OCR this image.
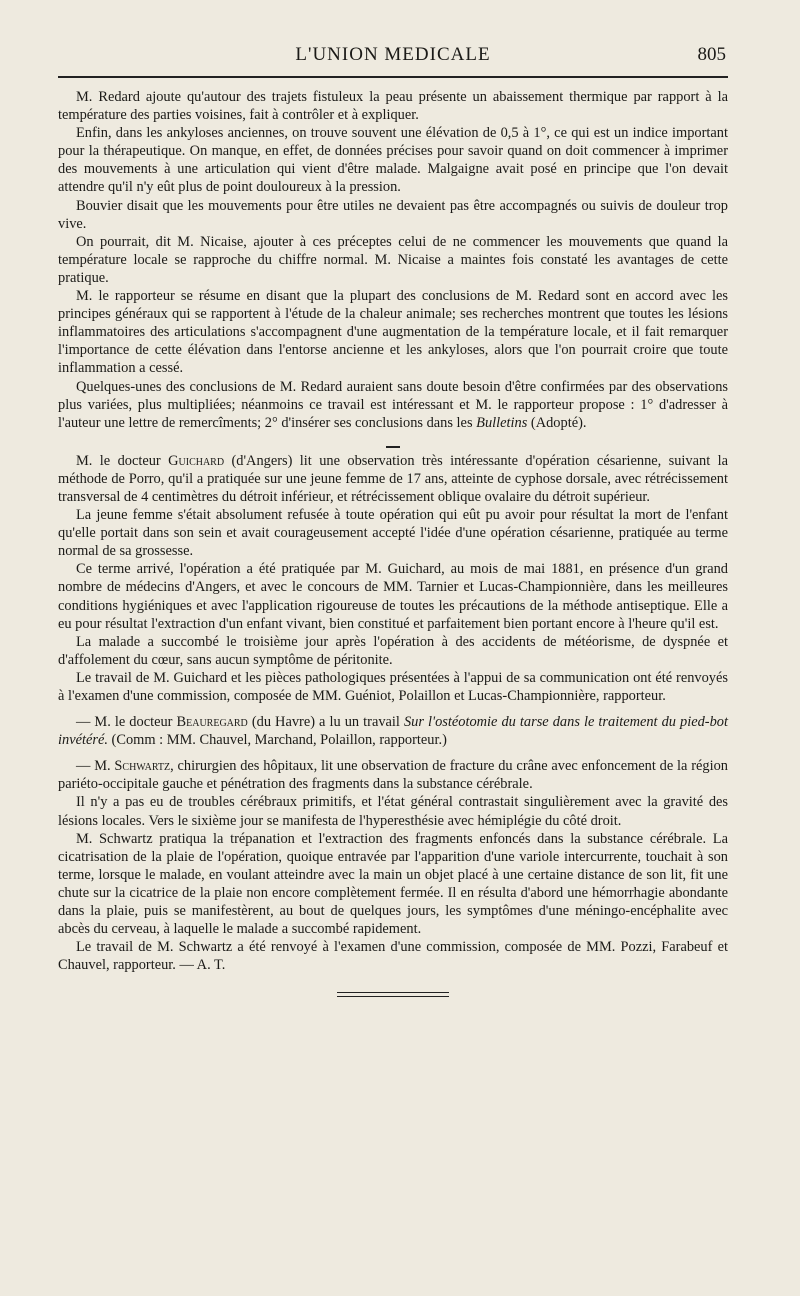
L'UNION MEDICALE	805

M. Redard ajoute qu'autour des trajets fistuleux la peau présente un abaissement thermique par rapport à la température des parties voisines, fait à contrôler et à expliquer.

Enfin, dans les ankyloses anciennes, on trouve souvent une élévation de 0,5 à 1°, ce qui est un indice important pour la thérapeutique. On manque, en effet, de données précises pour savoir quand on doit commencer à imprimer des mouvements à une articulation qui vient d'être malade. Malgaigne avait posé en principe que l'on devait attendre qu'il n'y eût plus de point douloureux à la pression.

Bouvier disait que les mouvements pour être utiles ne devaient pas être accompagnés ou suivis de douleur trop vive.

On pourrait, dit M. Nicaise, ajouter à ces préceptes celui de ne commencer les mouvements que quand la température locale se rapproche du chiffre normal. M. Nicaise a maintes fois constaté les avantages de cette pratique.

M. le rapporteur se résume en disant que la plupart des conclusions de M. Redard sont en accord avec les principes généraux qui se rapportent à l'étude de la chaleur animale; ses recherches montrent que toutes les lésions inflammatoires des articulations s'accompagnent d'une augmentation de la température locale, et il fait remarquer l'importance de cette élévation dans l'entorse ancienne et les ankyloses, alors que l'on pourrait croire que toute inflammation a cessé.

Quelques-unes des conclusions de M. Redard auraient sans doute besoin d'être confirmées par des observations plus variées, plus multipliées; néanmoins ce travail est intéressant et M. le rapporteur propose : 1° d'adresser à l'auteur une lettre de remercîments; 2° d'insérer ses conclusions dans les Bulletins (Adopté).

M. le docteur Guichard (d'Angers) lit une observation très intéressante d'opération césarienne, suivant la méthode de Porro, qu'il a pratiquée sur une jeune femme de 17 ans, atteinte de cyphose dorsale, avec rétrécissement transversal de 4 centimètres du détroit inférieur, et rétrécissement oblique ovalaire du détroit supérieur.

La jeune femme s'était absolument refusée à toute opération qui eût pu avoir pour résultat la mort de l'enfant qu'elle portait dans son sein et avait courageusement accepté l'idée d'une opération césarienne, pratiquée au terme normal de sa grossesse.

Ce terme arrivé, l'opération a été pratiquée par M. Guichard, au mois de mai 1881, en présence d'un grand nombre de médecins d'Angers, et avec le concours de MM. Tarnier et Lucas-Championnière, dans les meilleures conditions hygiéniques et avec l'application rigoureuse de toutes les précautions de la méthode antiseptique. Elle a eu pour résultat l'extraction d'un enfant vivant, bien constitué et parfaitement bien portant encore à l'heure qu'il est.

La malade a succombé le troisième jour après l'opération à des accidents de météorisme, de dyspnée et d'affolement du cœur, sans aucun symptôme de péritonite.

Le travail de M. Guichard et les pièces pathologiques présentées à l'appui de sa communication ont été renvoyés à l'examen d'une commission, composée de MM. Guéniot, Polaillon et Lucas-Championnière, rapporteur.

— M. le docteur Beauregard (du Havre) a lu un travail Sur l'ostéotomie du tarse dans le traitement du pied-bot invétéré. (Comm : MM. Chauvel, Marchand, Polaillon, rapporteur.)

— M. Schwartz, chirurgien des hôpitaux, lit une observation de fracture du crâne avec enfoncement de la région pariéto-occipitale gauche et pénétration des fragments dans la substance cérébrale.

Il n'y a pas eu de troubles cérébraux primitifs, et l'état général contrastait singulièrement avec la gravité des lésions locales. Vers le sixième jour se manifesta de l'hyperesthésie avec hémiplégie du côté droit.

M. Schwartz pratiqua la trépanation et l'extraction des fragments enfoncés dans la substance cérébrale. La cicatrisation de la plaie de l'opération, quoique entravée par l'apparition d'une variole intercurrente, touchait à son terme, lorsque le malade, en voulant atteindre avec la main un objet placé à une certaine distance de son lit, fit une chute sur la cicatrice de la plaie non encore complètement fermée. Il en résulta d'abord une hémorrhagie abondante dans la plaie, puis se manifestèrent, au bout de quelques jours, les symptômes d'une méningo-encéphalite avec abcès du cerveau, à laquelle le malade a succombé rapidement.

Le travail de M. Schwartz a été renvoyé à l'examen d'une commission, composée de MM. Pozzi, Farabeuf et Chauvel, rapporteur. — A. T.
